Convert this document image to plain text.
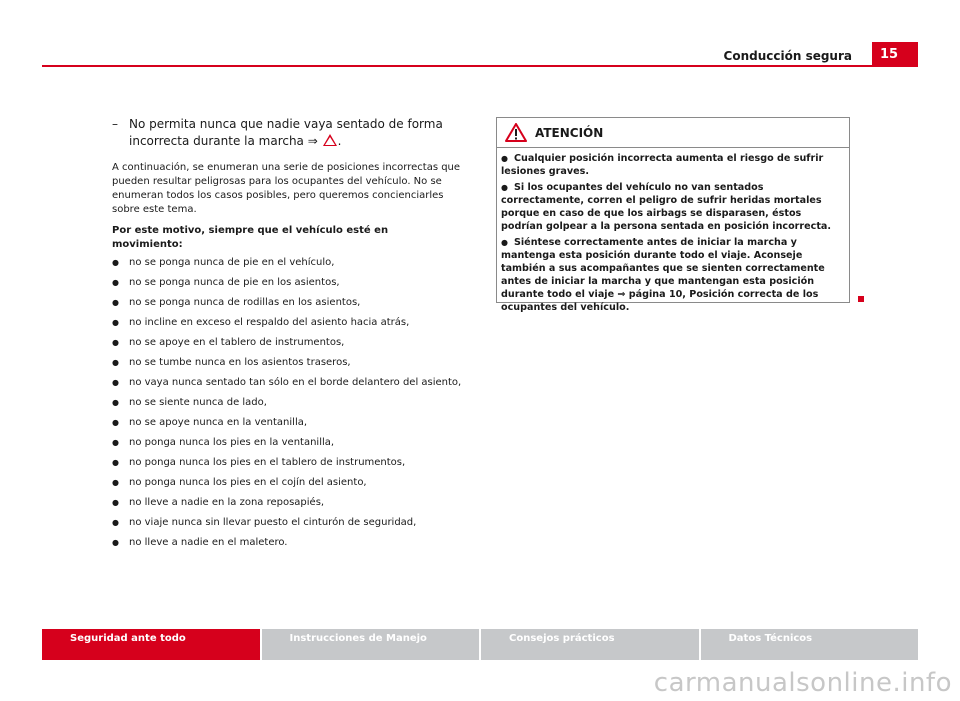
Conducción segura	15
– No permita nunca que nadie vaya sentado de forma incorrecta durante la marcha ⇒ .
A continuación, se enumeran una serie de posiciones incorrectas que pueden resultar peligrosas para los ocupantes del vehículo. No se enumeran todos los casos posibles, pero queremos concienciarles sobre este tema.
Por este motivo, siempre que el vehículo esté en movimiento:
● no se ponga nunca de pie en el vehículo,
● no se ponga nunca de pie en los asientos,
● no se ponga nunca de rodillas en los asientos,
● no incline en exceso el respaldo del asiento hacia atrás,
● no se apoye en el tablero de instrumentos,
● no se tumbe nunca en los asientos traseros,
● no vaya nunca sentado tan sólo en el borde delantero del asiento,
● no se siente nunca de lado,
● no se apoye nunca en la ventanilla,
● no ponga nunca los pies en la ventanilla,
● no ponga nunca los pies en el tablero de instrumentos,
● no ponga nunca los pies en el cojín del asiento,
● no lleve a nadie en la zona reposapiés,
● no viaje nunca sin llevar puesto el cinturón de seguridad,
● no lleve a nadie en el maletero.
ATENCIÓN

● Cualquier posición incorrecta aumenta el riesgo de sufrir lesiones graves.

● Si los ocupantes del vehículo no van sentados correctamente, corren el peligro de sufrir heridas mortales porque en caso de que los airbags se disparasen, éstos podrían golpear a la persona sentada en posición incorrecta.

● Siéntese correctamente antes de iniciar la marcha y mantenga esta posición durante todo el viaje. Aconseje también a sus acompañantes que se sienten correctamente antes de iniciar la marcha y que mantengan esta posición durante todo el viaje ⇒ página 10, Posición correcta de los ocupantes del vehículo.

Seguridad ante todo	Instrucciones de Manejo	Consejos prácticos	Datos Técnicos
carmanualsonline.info
